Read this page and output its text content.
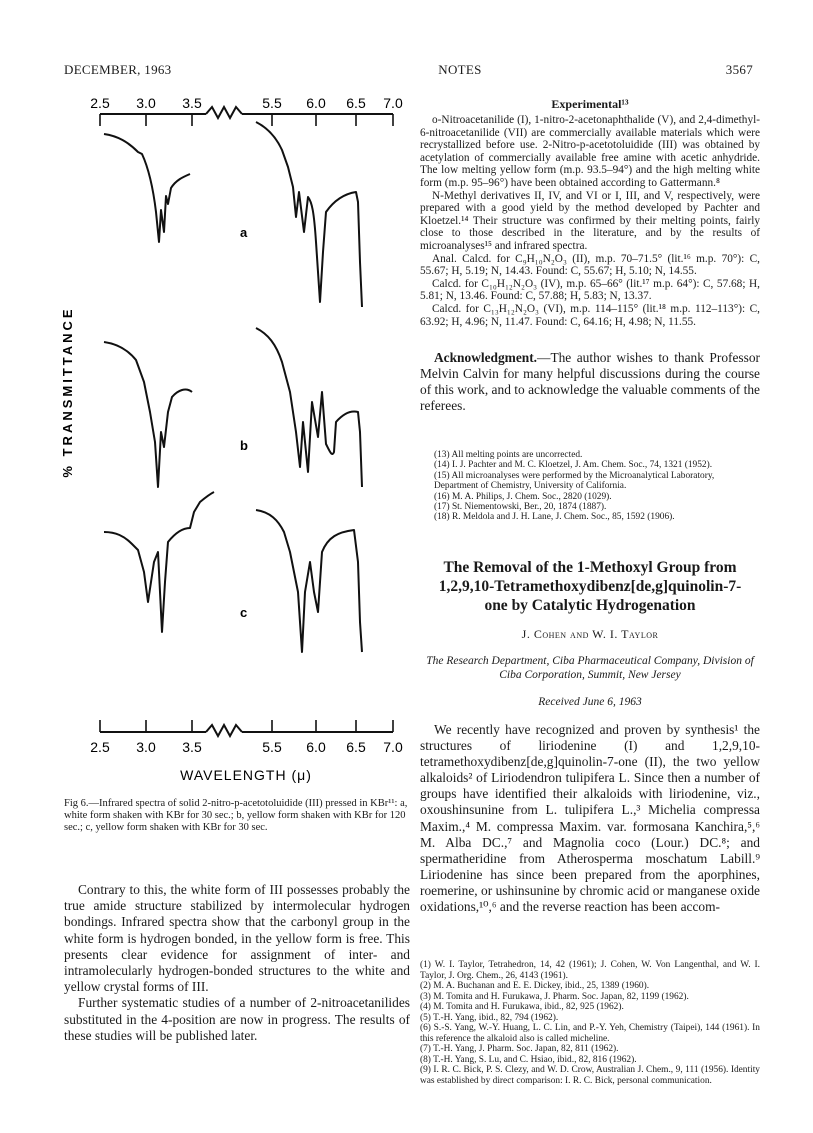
DECEMBER, 1963	NOTES	3567
2.5 3.0 3.5	5.5 6.0 6.5 7.0
2.5 3.0 3.5	5.5 6.0 6.5 7.0
a
b
c
% TRANSMITTANCE
WAVELENGTH (μ)

Fig 6.—Infrared spectra of solid 2-nitro-p-acetotoluidide (III) pressed in KBr¹¹: a, white form shaken with KBr for 30 sec.; b, yellow form shaken with KBr for 120 sec.; c, yellow form shaken with KBr for 30 sec.

Contrary to this, the white form of III possesses probably the true amide structure stabilized by intermolecular hydrogen bondings. Infrared spectra show that the carbonyl group in the white form is hydrogen bonded, in the yellow form is free. This presents clear evidence for assignment of inter- and intramolecularly hydrogen-bonded structures to the white and yellow crystal forms of III.

Further systematic studies of a number of 2-nitroacetanilides substituted in the 4-position are now in progress. The results of these studies will be published later.

Experimental¹³

o-Nitroacetanilide (I), 1-nitro-2-acetonaphthalide (V), and 2,4-dimethyl-6-nitroacetanilide (VII) are commercially available materials which were recrystallized before use. 2-Nitro-p-acetotoluidide (III) was obtained by acetylation of commercially available free amine with acetic anhydride. The low melting yellow form (m.p. 93.5–94°) and the high melting white form (m.p. 95–96°) have been obtained according to Gattermann.⁸

N-Methyl derivatives II, IV, and VI or I, III, and V, respectively, were prepared with a good yield by the method developed by Pachter and Kloetzel.¹⁴ Their structure was confirmed by their melting points, fairly close to those described in the literature, and by the results of microanalyses¹⁵ and infrared spectra.

Anal. Calcd. for C₉H₁₀N₂O₃ (II), m.p. 70–71.5° (lit.¹⁶ m.p. 70°): C, 55.67; H, 5.19; N, 14.43. Found: C, 55.67; H, 5.10; N, 14.55.

Calcd. for C₁₀H₁₂N₂O₃ (IV), m.p. 65–66° (lit.¹⁷ m.p. 64°): C, 57.68; H, 5.81; N, 13.46. Found: C, 57.88; H, 5.83; N, 13.37.

Calcd. for C₁₃H₁₂N₂O₃ (VI), m.p. 114–115° (lit.¹⁸ m.p. 112–113°): C, 63.92; H, 4.96; N, 11.47. Found: C, 64.16; H, 4.98; N, 11.55.

Acknowledgment.—The author wishes to thank Professor Melvin Calvin for many helpful discussions during the course of this work, and to acknowledge the valuable comments of the referees.

(13) All melting points are uncorrected.
(14) I. J. Pachter and M. C. Kloetzel, J. Am. Chem. Soc., 74, 1321 (1952).
(15) All microanalyses were performed by the Microanalytical Laboratory, Department of Chemistry, University of California.
(16) M. A. Philips, J. Chem. Soc., 2820 (1029).
(17) St. Niementowski, Ber., 20, 1874 (1887).
(18) R. Meldola and J. H. Lane, J. Chem. Soc., 85, 1592 (1906).
The Removal of the 1-Methoxyl Group from
1,2,9,10-Tetramethoxydibenz[de,g]quinolin-7-
one by Catalytic Hydrogenation
J. Cohen and W. I. Taylor
The Research Department, Ciba Pharmaceutical Company, Division of Ciba Corporation, Summit, New Jersey
Received June 6, 1963

We recently have recognized and proven by synthesis¹ the structures of liriodenine (I) and 1,2,9,10-tetramethoxydibenz[de,g]quinolin-7-one (II), the two yellow alkaloids² of Liriodendron tulipifera L. Since then a number of groups have identified their alkaloids with liriodenine, viz., oxoushinsunine from L. tulipifera L.,³ Michelia compressa Maxim.,⁴ M. compressa Maxim. var. formosana Kanchira,⁵,⁶ M. Alba DC.,⁷ and Magnolia coco (Lour.) DC.⁸; and spermatheridine from Atherosperma moschatum Labill.⁹ Liriodenine has since been prepared from the aporphines, roemerine, or ushinsunine by chromic acid or manganese oxide oxidations,¹⁰,⁶ and the reverse reaction has been accom-

(1) W. I. Taylor, Tetrahedron, 14, 42 (1961); J. Cohen, W. Von Langenthal, and W. I. Taylor, J. Org. Chem., 26, 4143 (1961).
(2) M. A. Buchanan and E. E. Dickey, ibid., 25, 1389 (1960).
(3) M. Tomita and H. Furukawa, J. Pharm. Soc. Japan, 82, 1199 (1962).
(4) M. Tomita and H. Furukawa, ibid., 82, 925 (1962).
(5) T.-H. Yang, ibid., 82, 794 (1962).
(6) S.-S. Yang, W.-Y. Huang, L. C. Lin, and P.-Y. Yeh, Chemistry (Taipei), 144 (1961). In this reference the alkaloid also is called micheline.
(7) T.-H. Yang, J. Pharm. Soc. Japan, 82, 811 (1962).
(8) T.-H. Yang, S. Lu, and C. Hsiao, ibid., 82, 816 (1962).
(9) I. R. C. Bick, P. S. Clezy, and W. D. Crow, Australian J. Chem., 9, 111 (1956). Identity was established by direct comparison: I. R. C. Bick, personal communication.
